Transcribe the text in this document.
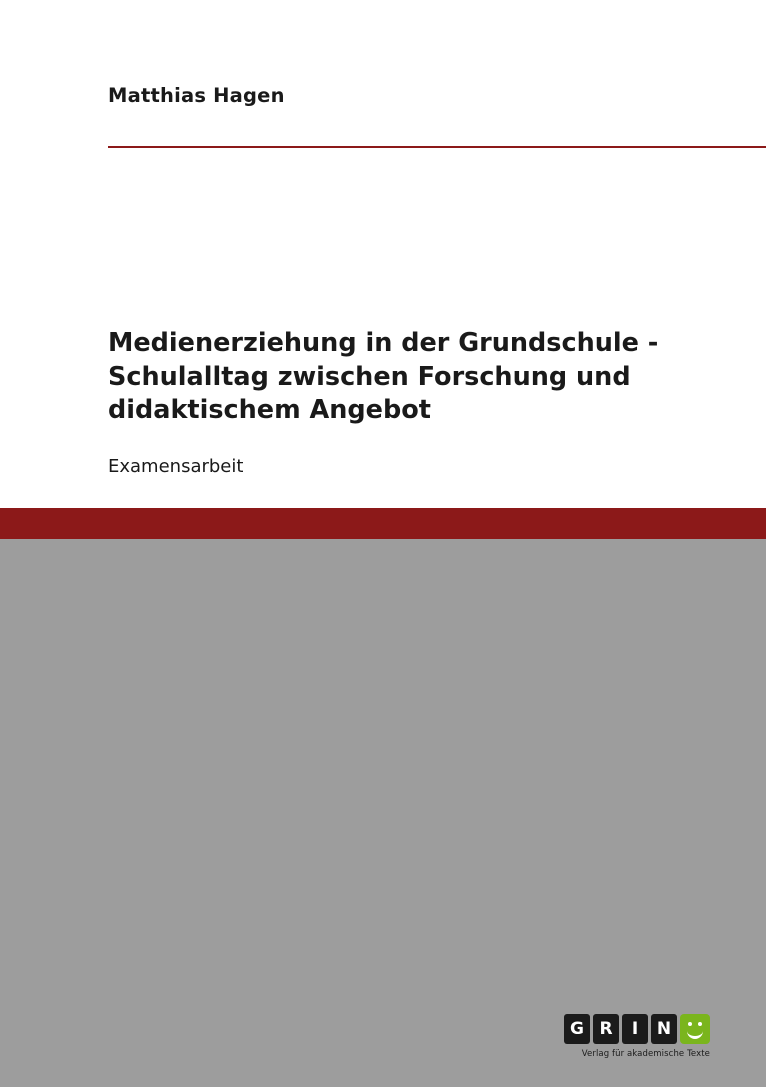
Matthias Hagen
Medienerziehung in der Grundschule - Schulalltag zwischen Forschung und didaktischem Angebot
Examensarbeit
G R	I	N
Verlag für akademische Texte
